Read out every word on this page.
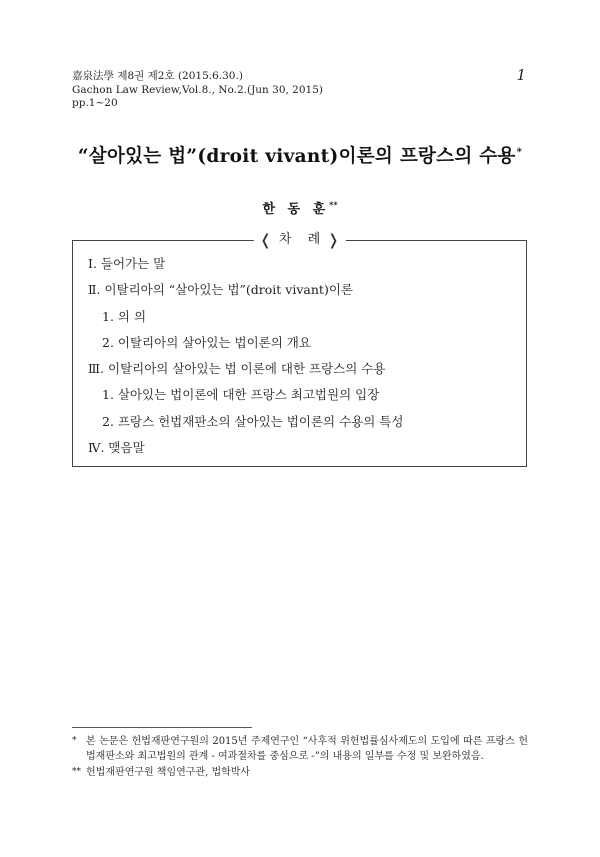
嘉泉法學 제8권 제2호 (2015.6.30.)
Gachon Law Review,Vol.8., No.2.(Jun 30, 2015)
pp.1~20
1
“살아있는 법”(droit vivant)이론의 프랑스의 수용*
한 동 훈**
❬ 차 례 ❭
Ⅰ. 들어가는 말
Ⅱ. 이탈리아의 “살아있는 법”(droit vivant)이론
1. 의 의
2. 이탈리아의 살아있는 법이론의 개요
Ⅲ. 이탈리아의 살아있는 법 이론에 대한 프랑스의 수용
1. 살아있는 법이론에 대한 프랑스 최고법원의 입장
2. 프랑스 헌법재판소의 살아있는 법이론의 수용의 특성
Ⅳ. 맺음말
* 본 논문은 헌법재판연구원의 2015년 주제연구인 “사후적 위헌법률심사제도의 도입에 따른 프랑스 헌법재판소와 최고법원의 관계 - 여과절차를 중심으로 -”의 내용의 일부를 수정 및 보완하였음.
** 헌법재판연구원 책임연구관, 법학박사
